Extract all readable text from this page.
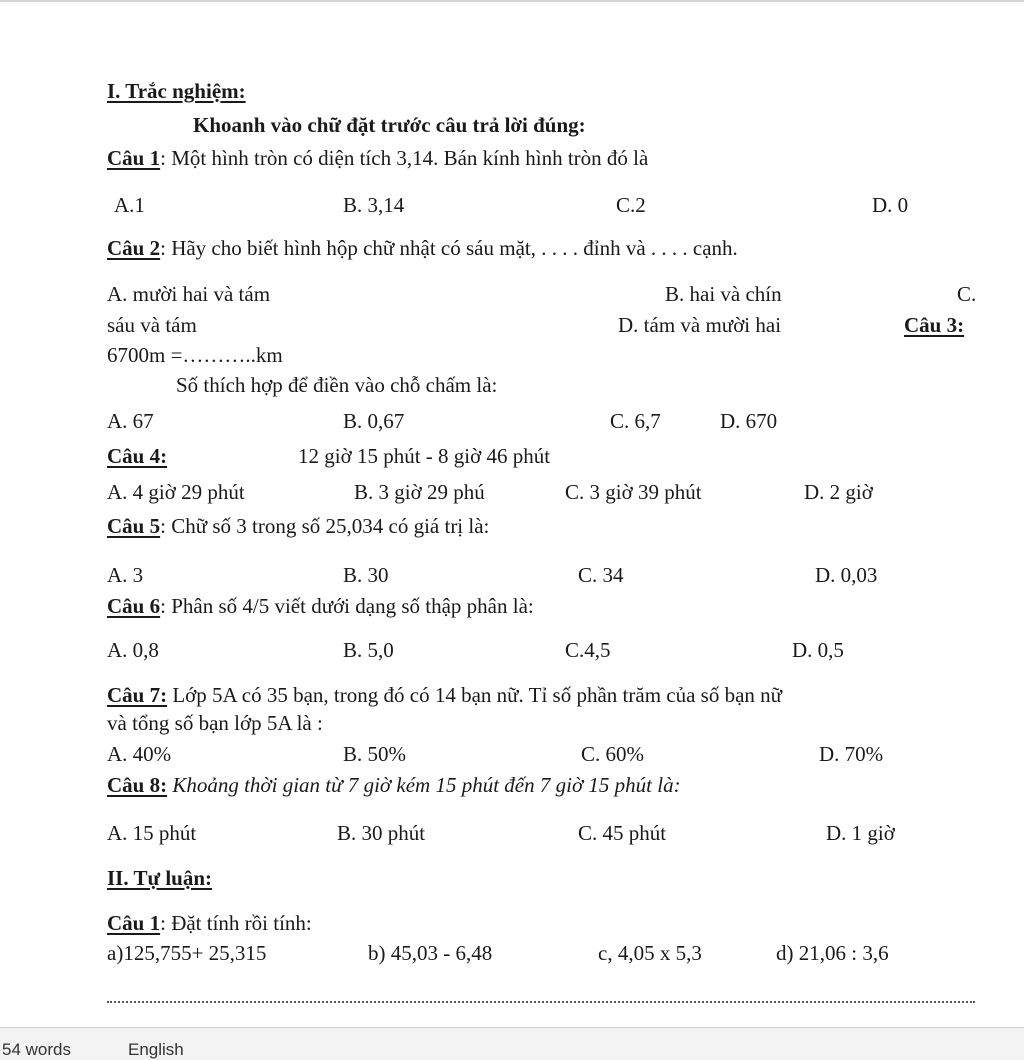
I. Trắc nghiệm:
Khoanh vào chữ đặt trước câu trả lời đúng:
Câu 1: Một hình tròn có diện tích 3,14. Bán kính hình tròn đó là
A.1	B. 3,14	C.2	D. 0
Câu 2: Hãy cho biết hình hộp chữ nhật có sáu mặt, . . . . đỉnh và . . . . cạnh.
A. mười hai và tám	B. hai và chín	C.
sáu và tám	D. tám và mười hai	Câu 3:
6700m =………..km
Số thích hợp để điền vào chỗ chấm là:
A. 67	B. 0,67	C. 6,7	D. 670
Câu 4:	12 giờ 15 phút - 8 giờ 46 phút
A. 4 giờ 29 phút	B. 3 giờ 29 phú	C. 3 giờ 39 phút	D. 2 giờ
Câu 5: Chữ số 3 trong số 25,034 có giá trị là:
A. 3	B. 30	C. 34	D. 0,03
Câu 6: Phân số 4/5 viết dưới dạng số thập phân là:
A. 0,8	B. 5,0	C.4,5	D. 0,5
Câu 7: Lớp 5A có 35 bạn, trong đó có 14 bạn nữ. Tỉ số phần trăm của số bạn nữ
và tổng số bạn lớp 5A là :
A. 40%	B. 50%	C. 60%	D. 70%
Câu 8: Khoảng thời gian từ 7 giờ kém 15 phút đến 7 giờ 15 phút là:
A. 15 phút	B. 30 phút	C. 45 phút	D. 1 giờ
II. Tự luận:
Câu 1: Đặt tính rồi tính:
a)125,755+ 25,315	b) 45,03 - 6,48	c, 4,05 x 5,3	d) 21,06 : 3,6
54 words	English
